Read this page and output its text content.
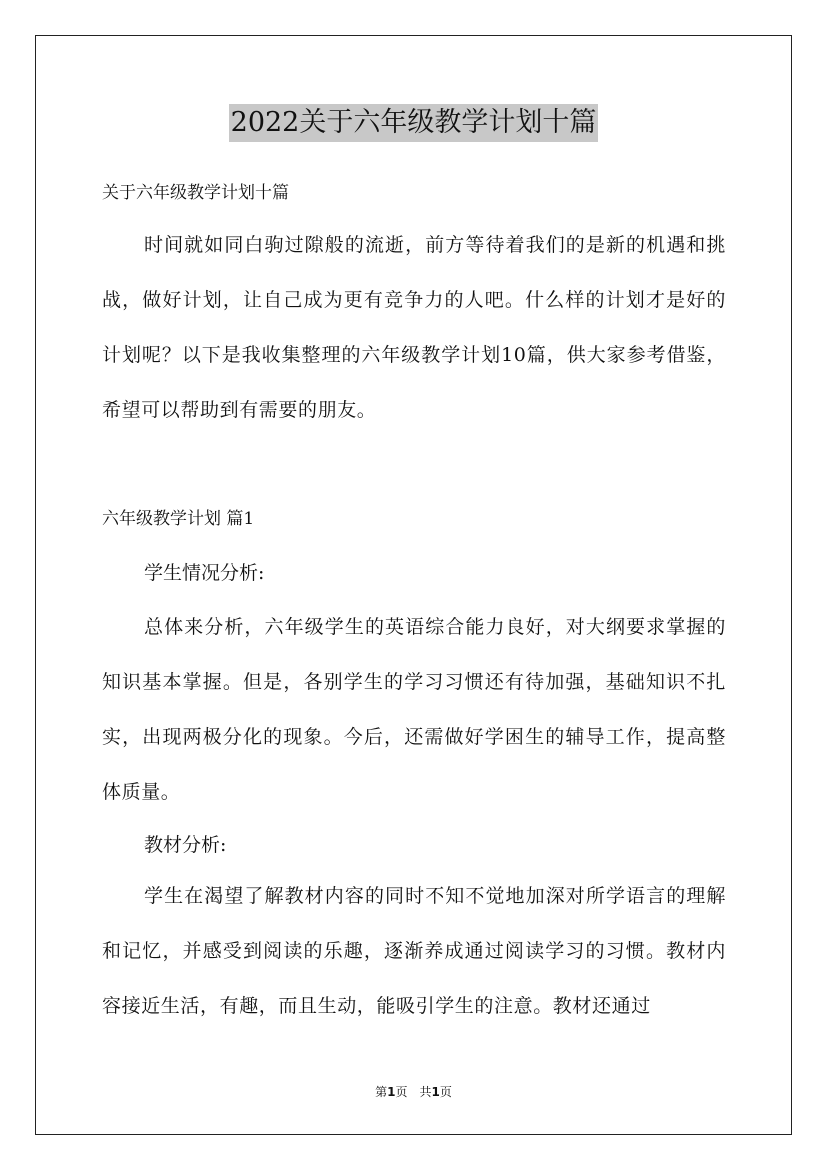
2022关于六年级教学计划十篇
关于六年级教学计划十篇

时间就如同白驹过隙般的流逝，前方等待着我们的是新的机遇和挑战，做好计划，让自己成为更有竞争力的人吧。什么样的计划才是好的计划呢？以下是我收集整理的六年级教学计划10篇，供大家参考借鉴，希望可以帮助到有需要的朋友。

六年级教学计划 篇1
学生情况分析:

总体来分析，六年级学生的英语综合能力良好，对大纲要求掌握的知识基本掌握。但是，各别学生的学习习惯还有待加强，基础知识不扎实，出现两极分化的现象。今后，还需做好学困生的辅导工作，提高整体质量。

教材分析:

学生在渴望了解教材内容的同时不知不觉地加深对所学语言的理解和记忆，并感受到阅读的乐趣，逐渐养成通过阅读学习的习惯。教材内容接近生活，有趣，而且生动，能吸引学生的注意。教材还通过

第1页　共1页
